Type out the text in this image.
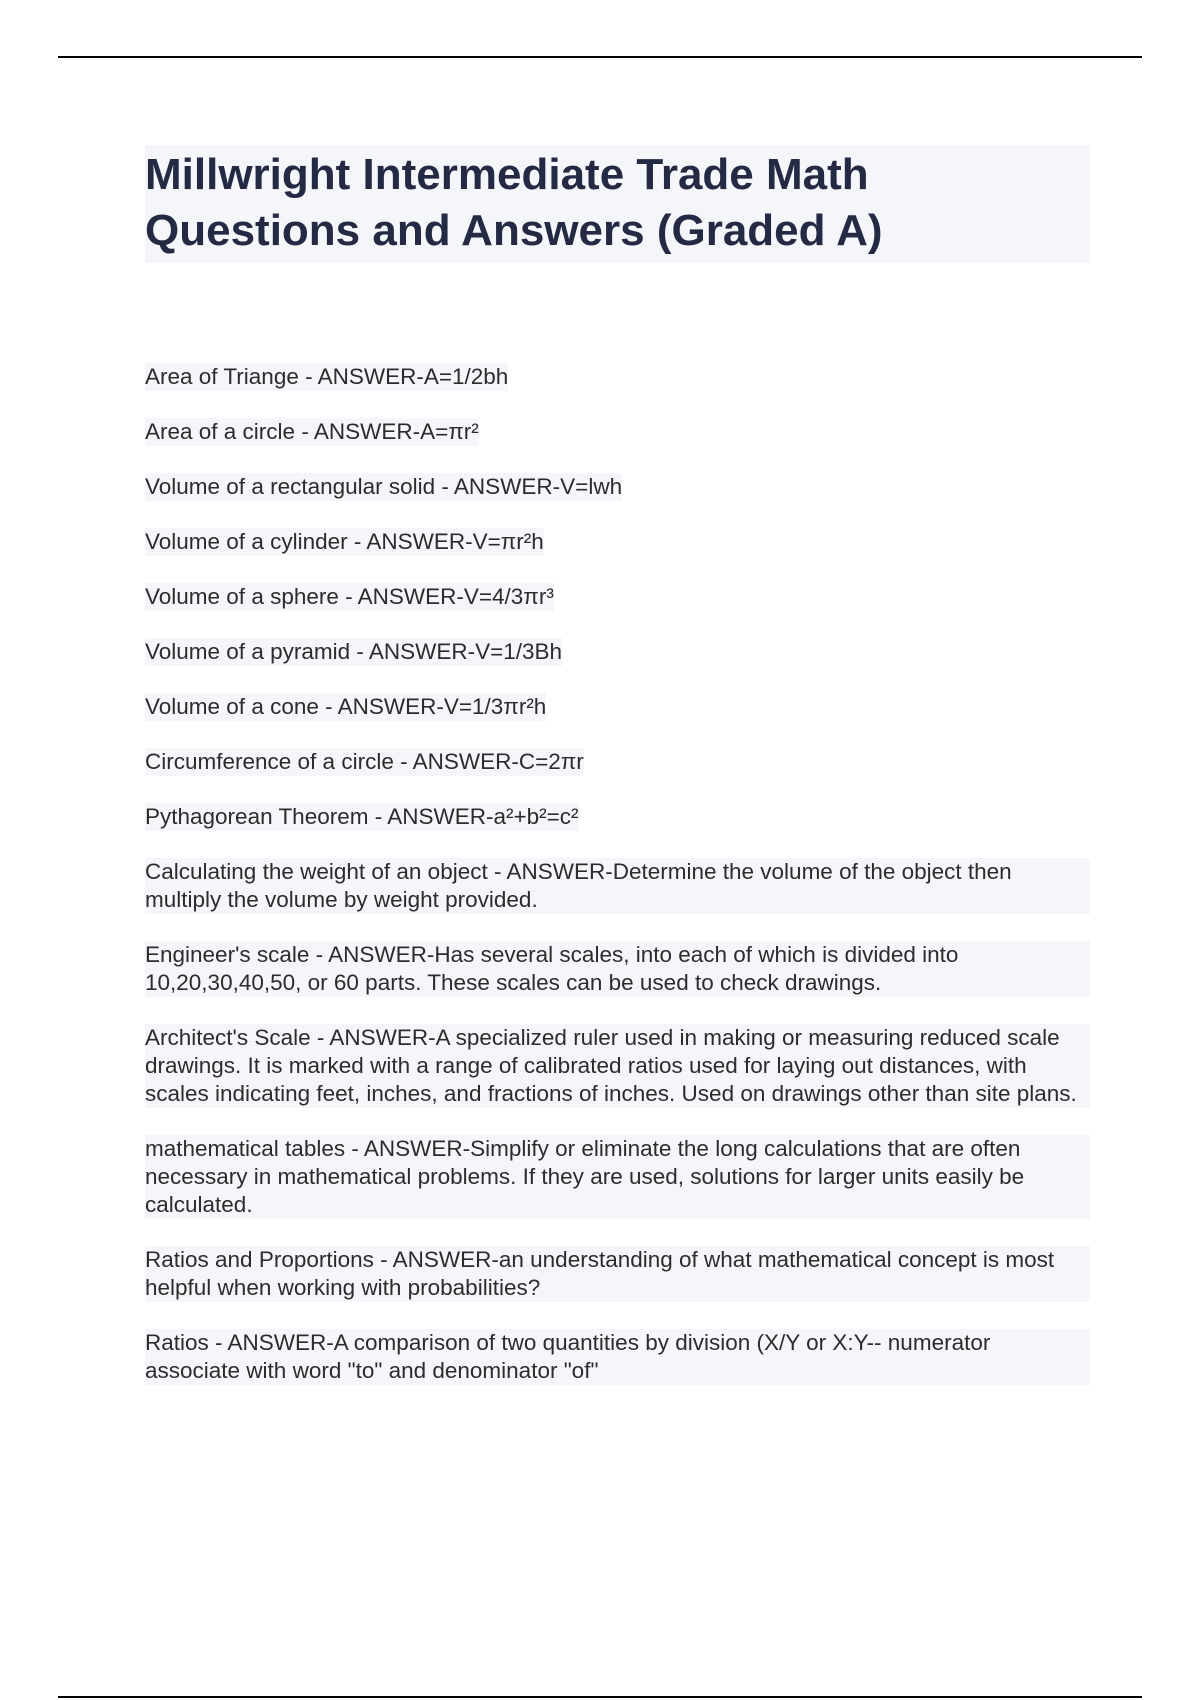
Millwright Intermediate Trade Math Questions and Answers (Graded A)
Area of Triange - ANSWER-A=1/2bh
Area of a circle - ANSWER-A=πr²
Volume of a rectangular solid - ANSWER-V=lwh
Volume of a cylinder - ANSWER-V=πr²h
Volume of a sphere - ANSWER-V=4/3πr³
Volume of a pyramid - ANSWER-V=1/3Bh
Volume of a cone - ANSWER-V=1/3πr²h
Circumference of a circle - ANSWER-C=2πr
Pythagorean Theorem - ANSWER-a²+b²=c²
Calculating the weight of an object - ANSWER-Determine the volume of the object then multiply the volume by weight provided.
Engineer's scale - ANSWER-Has several scales, into each of which is divided into 10,20,30,40,50, or 60 parts. These scales can be used to check drawings.
Architect's Scale - ANSWER-A specialized ruler used in making or measuring reduced scale drawings. It is marked with a range of calibrated ratios used for laying out distances, with scales indicating feet, inches, and fractions of inches. Used on drawings other than site plans.
mathematical tables - ANSWER-Simplify or eliminate the long calculations that are often necessary in mathematical problems. If they are used, solutions for larger units easily be calculated.
Ratios and Proportions - ANSWER-an understanding of what mathematical concept is most helpful when working with probabilities?
Ratios - ANSWER-A comparison of two quantities by division (X/Y or X:Y-- numerator associate with word "to" and denominator "of"
